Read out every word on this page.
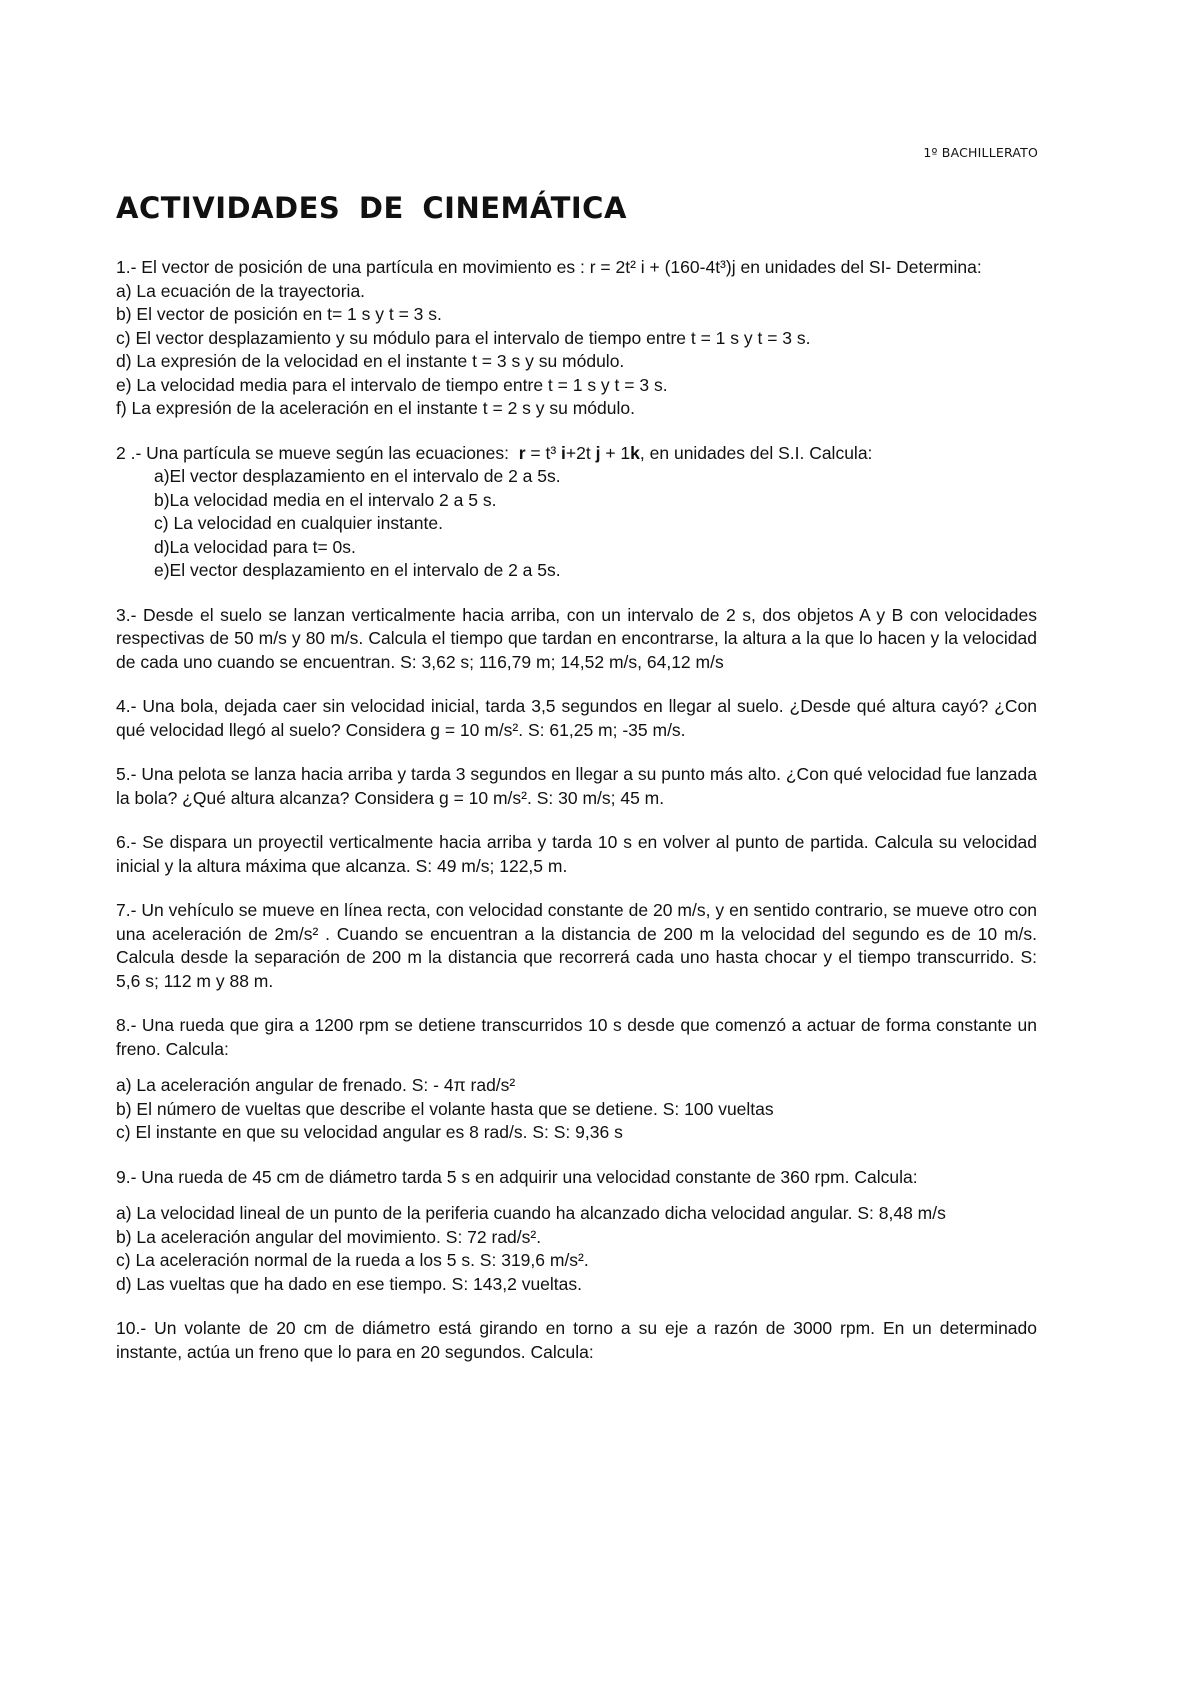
1º BACHILLERATO
ACTIVIDADES DE CINEMÁTICA

1.- El vector de posición de una partícula en movimiento es : r = 2t² i + (160-4t³)j en unidades del SI- Determina:

a) La ecuación de la trayectoria.

b) El vector de posición en t= 1 s y t = 3 s.

c) El vector desplazamiento y su módulo para el intervalo de tiempo entre t = 1 s y t = 3 s.

d) La expresión de la velocidad en el instante t = 3 s y su módulo.

e) La velocidad media para el intervalo de tiempo entre t = 1 s y t = 3 s.

f) La expresión de la aceleración en el instante t = 2 s y su módulo.

2 .- Una partícula se mueve según las ecuaciones: r = t³ i+2t j + 1k, en unidades del S.I. Calcula:

a)El vector desplazamiento en el intervalo de 2 a 5s.

b)La velocidad media en el intervalo 2 a 5 s.

c) La velocidad en cualquier instante.

d)La velocidad para t= 0s.

e)El vector desplazamiento en el intervalo de 2 a 5s.

3.- Desde el suelo se lanzan verticalmente hacia arriba, con un intervalo de 2 s, dos objetos A y B con velocidades respectivas de 50 m/s y 80 m/s. Calcula el tiempo que tardan en encontrarse, la altura a la que lo hacen y la velocidad de cada uno cuando se encuentran. S: 3,62 s; 116,79 m; 14,52 m/s, 64,12 m/s

4.- Una bola, dejada caer sin velocidad inicial, tarda 3,5 segundos en llegar al suelo. ¿Desde qué altura cayó? ¿Con qué velocidad llegó al suelo? Considera g = 10 m/s². S: 61,25 m; -35 m/s.

5.- Una pelota se lanza hacia arriba y tarda 3 segundos en llegar a su punto más alto. ¿Con qué velocidad fue lanzada la bola? ¿Qué altura alcanza? Considera g = 10 m/s². S: 30 m/s; 45 m.

6.- Se dispara un proyectil verticalmente hacia arriba y tarda 10 s en volver al punto de partida. Calcula su velocidad inicial y la altura máxima que alcanza. S: 49 m/s; 122,5 m.

7.- Un vehículo se mueve en línea recta, con velocidad constante de 20 m/s, y en sentido contrario, se mueve otro con una aceleración de 2m/s² . Cuando se encuentran a la distancia de 200 m la velocidad del segundo es de 10 m/s. Calcula desde la separación de 200 m la distancia que recorrerá cada uno hasta chocar y el tiempo transcurrido. S: 5,6 s; 112 m y 88 m.

8.- Una rueda que gira a 1200 rpm se detiene transcurridos 10 s desde que comenzó a actuar de forma constante un freno. Calcula:

a) La aceleración angular de frenado. S: - 4π rad/s²

b) El número de vueltas que describe el volante hasta que se detiene. S: 100 vueltas

c) El instante en que su velocidad angular es 8 rad/s. S: S: 9,36 s

9.- Una rueda de 45 cm de diámetro tarda 5 s en adquirir una velocidad constante de 360 rpm. Calcula:

a) La velocidad lineal de un punto de la periferia cuando ha alcanzado dicha velocidad angular. S: 8,48 m/s

b) La aceleración angular del movimiento. S: 72 rad/s².

c) La aceleración normal de la rueda a los 5 s. S: 319,6 m/s².

d) Las vueltas que ha dado en ese tiempo. S: 143,2 vueltas.

10.- Un volante de 20 cm de diámetro está girando en torno a su eje a razón de 3000 rpm. En un determinado instante, actúa un freno que lo para en 20 segundos. Calcula:
